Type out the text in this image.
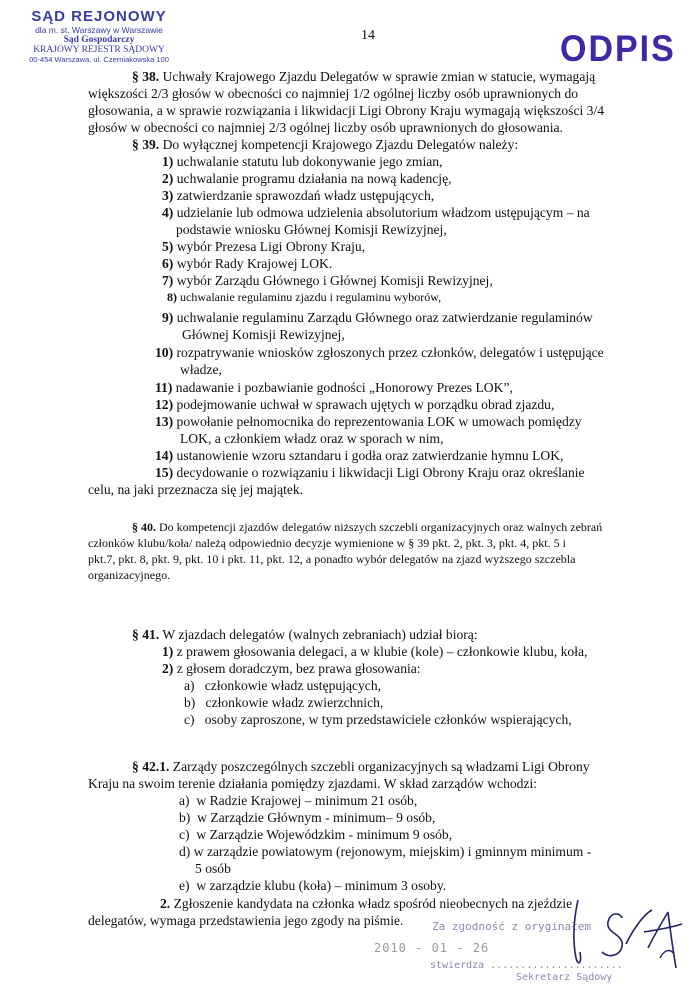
SĄD REJONOWY
dla m. st. Warszawy w Warszawie
Sąd Gospodarczy
KRAJOWY REJESTR SĄDOWY
00-454 Warszawa, ul. Czerniakowska 100
14	ODPIS
§ 38. Uchwały Krajowego Zjazdu Delegatów w sprawie zmian w statucie, wymagają
większości 2/3 głosów w obecności co najmniej 1/2 ogólnej liczby osób uprawnionych do
głosowania, a w sprawie rozwiązania i likwidacji Ligi Obrony Kraju wymagają większości 3/4
głosów w obecności co najmniej 2/3 ogólnej liczby osób uprawnionych do głosowania.
§ 39. Do wyłącznej kompetencji Krajowego Zjazdu Delegatów należy:
1) uchwalanie statutu lub dokonywanie jego zmian,
2) uchwalanie programu działania na nową kadencję,
3) zatwierdzanie sprawozdań władz ustępujących,
4) udzielanie lub odmowa udzielenia absolutorium władzom ustępującym – na
podstawie wniosku Głównej Komisji Rewizyjnej,
5) wybór Prezesa Ligi Obrony Kraju,
6) wybór Rady Krajowej LOK.
7) wybór Zarządu Głównego i Głównej Komisji Rewizyjnej,
8) uchwalanie regulaminu zjazdu i regulaminu wyborów,
9) uchwalanie regulaminu Zarządu Głównego oraz zatwierdzanie regulaminów
Głównej Komisji Rewizyjnej,
10) rozpatrywanie wniosków zgłoszonych przez członków, delegatów i ustępujące
władze,
11) nadawanie i pozbawianie godności „Honorowy Prezes LOK”,
12) podejmowanie uchwał w sprawach ujętych w porządku obrad zjazdu,
13) powołanie pełnomocnika do reprezentowania LOK w umowach pomiędzy
LOK, a członkiem władz oraz w sporach w nim,
14) ustanowienie wzoru sztandaru i godła oraz zatwierdzanie hymnu LOK,
15) decydowanie o rozwiązaniu i likwidacji Ligi Obrony Kraju oraz określanie
celu, na jaki przeznacza się jej majątek.
§ 40. Do kompetencji zjazdów delegatów niższych szczebli organizacyjnych oraz walnych zebrań
członków klubu/koła/ należą odpowiednio decyzje wymienione w § 39 pkt. 2, pkt. 3, pkt. 4, pkt. 5 i
pkt.7, pkt. 8, pkt. 9, pkt. 10 i pkt. 11, pkt. 12, a ponadto wybór delegatów na zjazd wyższego szczebla
organizacyjnego.
§ 41. W zjazdach delegatów (walnych zebraniach) udział biorą:
1) z prawem głosowania delegaci, a w klubie (kole) – członkowie klubu, koła,
2) z głosem doradczym, bez prawa głosowania:
a) członkowie władz ustępujących,
b) członkowie władz zwierzchnich,
c) osoby zaproszone, w tym przedstawiciele członków wspierających,
§ 42.1. Zarządy poszczególnych szczebli organizacyjnych są władzami Ligi Obrony
Kraju na swoim terenie działania pomiędzy zjazdami. W skład zarządów wchodzi:
a) w Radzie Krajowej – minimum 21 osób,
b) w Zarządzie Głównym - minimum– 9 osób,
c) w Zarządzie Wojewódzkim - minimum 9 osób,
d) w zarządzie powiatowym (rejonowym, miejskim) i gminnym minimum -
5 osób
e) w zarządzie klubu (koła) – minimum 3 osoby.
2. Zgłoszenie kandydata na członka władz spośród nieobecnych na zjeździe
delegatów, wymaga przedstawienia jego zgody na piśmie.	Za zgodność z oryginałem
2010 - 01 - 26
stwierdza ......................
Sekretarz Sądowy
